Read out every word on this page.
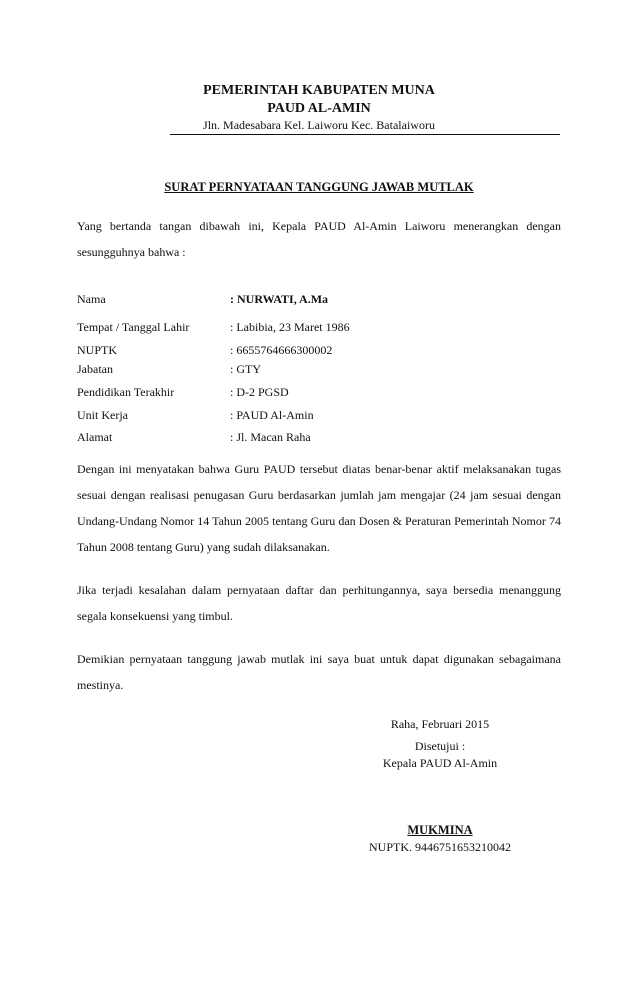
PEMERINTAH KABUPATEN MUNA
PAUD AL-AMIN
Jln. Madesabara Kel. Laiworu Kec. Batalaiworu
SURAT PERNYATAAN TANGGUNG JAWAB MUTLAK
Yang bertanda tangan dibawah ini, Kepala PAUD Al-Amin Laiworu menerangkan dengan sesungguhnya bahwa :
Nama	: NURWATI, A.Ma
Tempat / Tanggal Lahir	: Labibia, 23 Maret 1986
NUPTK	: 6655764666300002
Jabatan	: GTY
Pendidikan Terakhir	: D-2 PGSD
Unit Kerja	: PAUD Al-Amin
Alamat	: Jl. Macan Raha
Dengan ini menyatakan bahwa Guru PAUD tersebut diatas benar-benar aktif melaksanakan tugas sesuai dengan realisasi penugasan Guru berdasarkan jumlah jam mengajar (24 jam sesuai dengan Undang-Undang Nomor 14 Tahun 2005 tentang Guru dan Dosen & Peraturan Pemerintah Nomor 74 Tahun 2008 tentang Guru) yang sudah dilaksanakan.
Jika terjadi kesalahan dalam pernyataan daftar dan perhitungannya, saya bersedia menanggung segala konsekuensi yang timbul.
Demikian pernyataan tanggung jawab mutlak ini saya buat untuk dapat digunakan sebagaimana mestinya.
Raha, Februari 2015
Disetujui :
Kepala PAUD Al-Amin
MUKMINA
NUPTK. 9446751653210042
